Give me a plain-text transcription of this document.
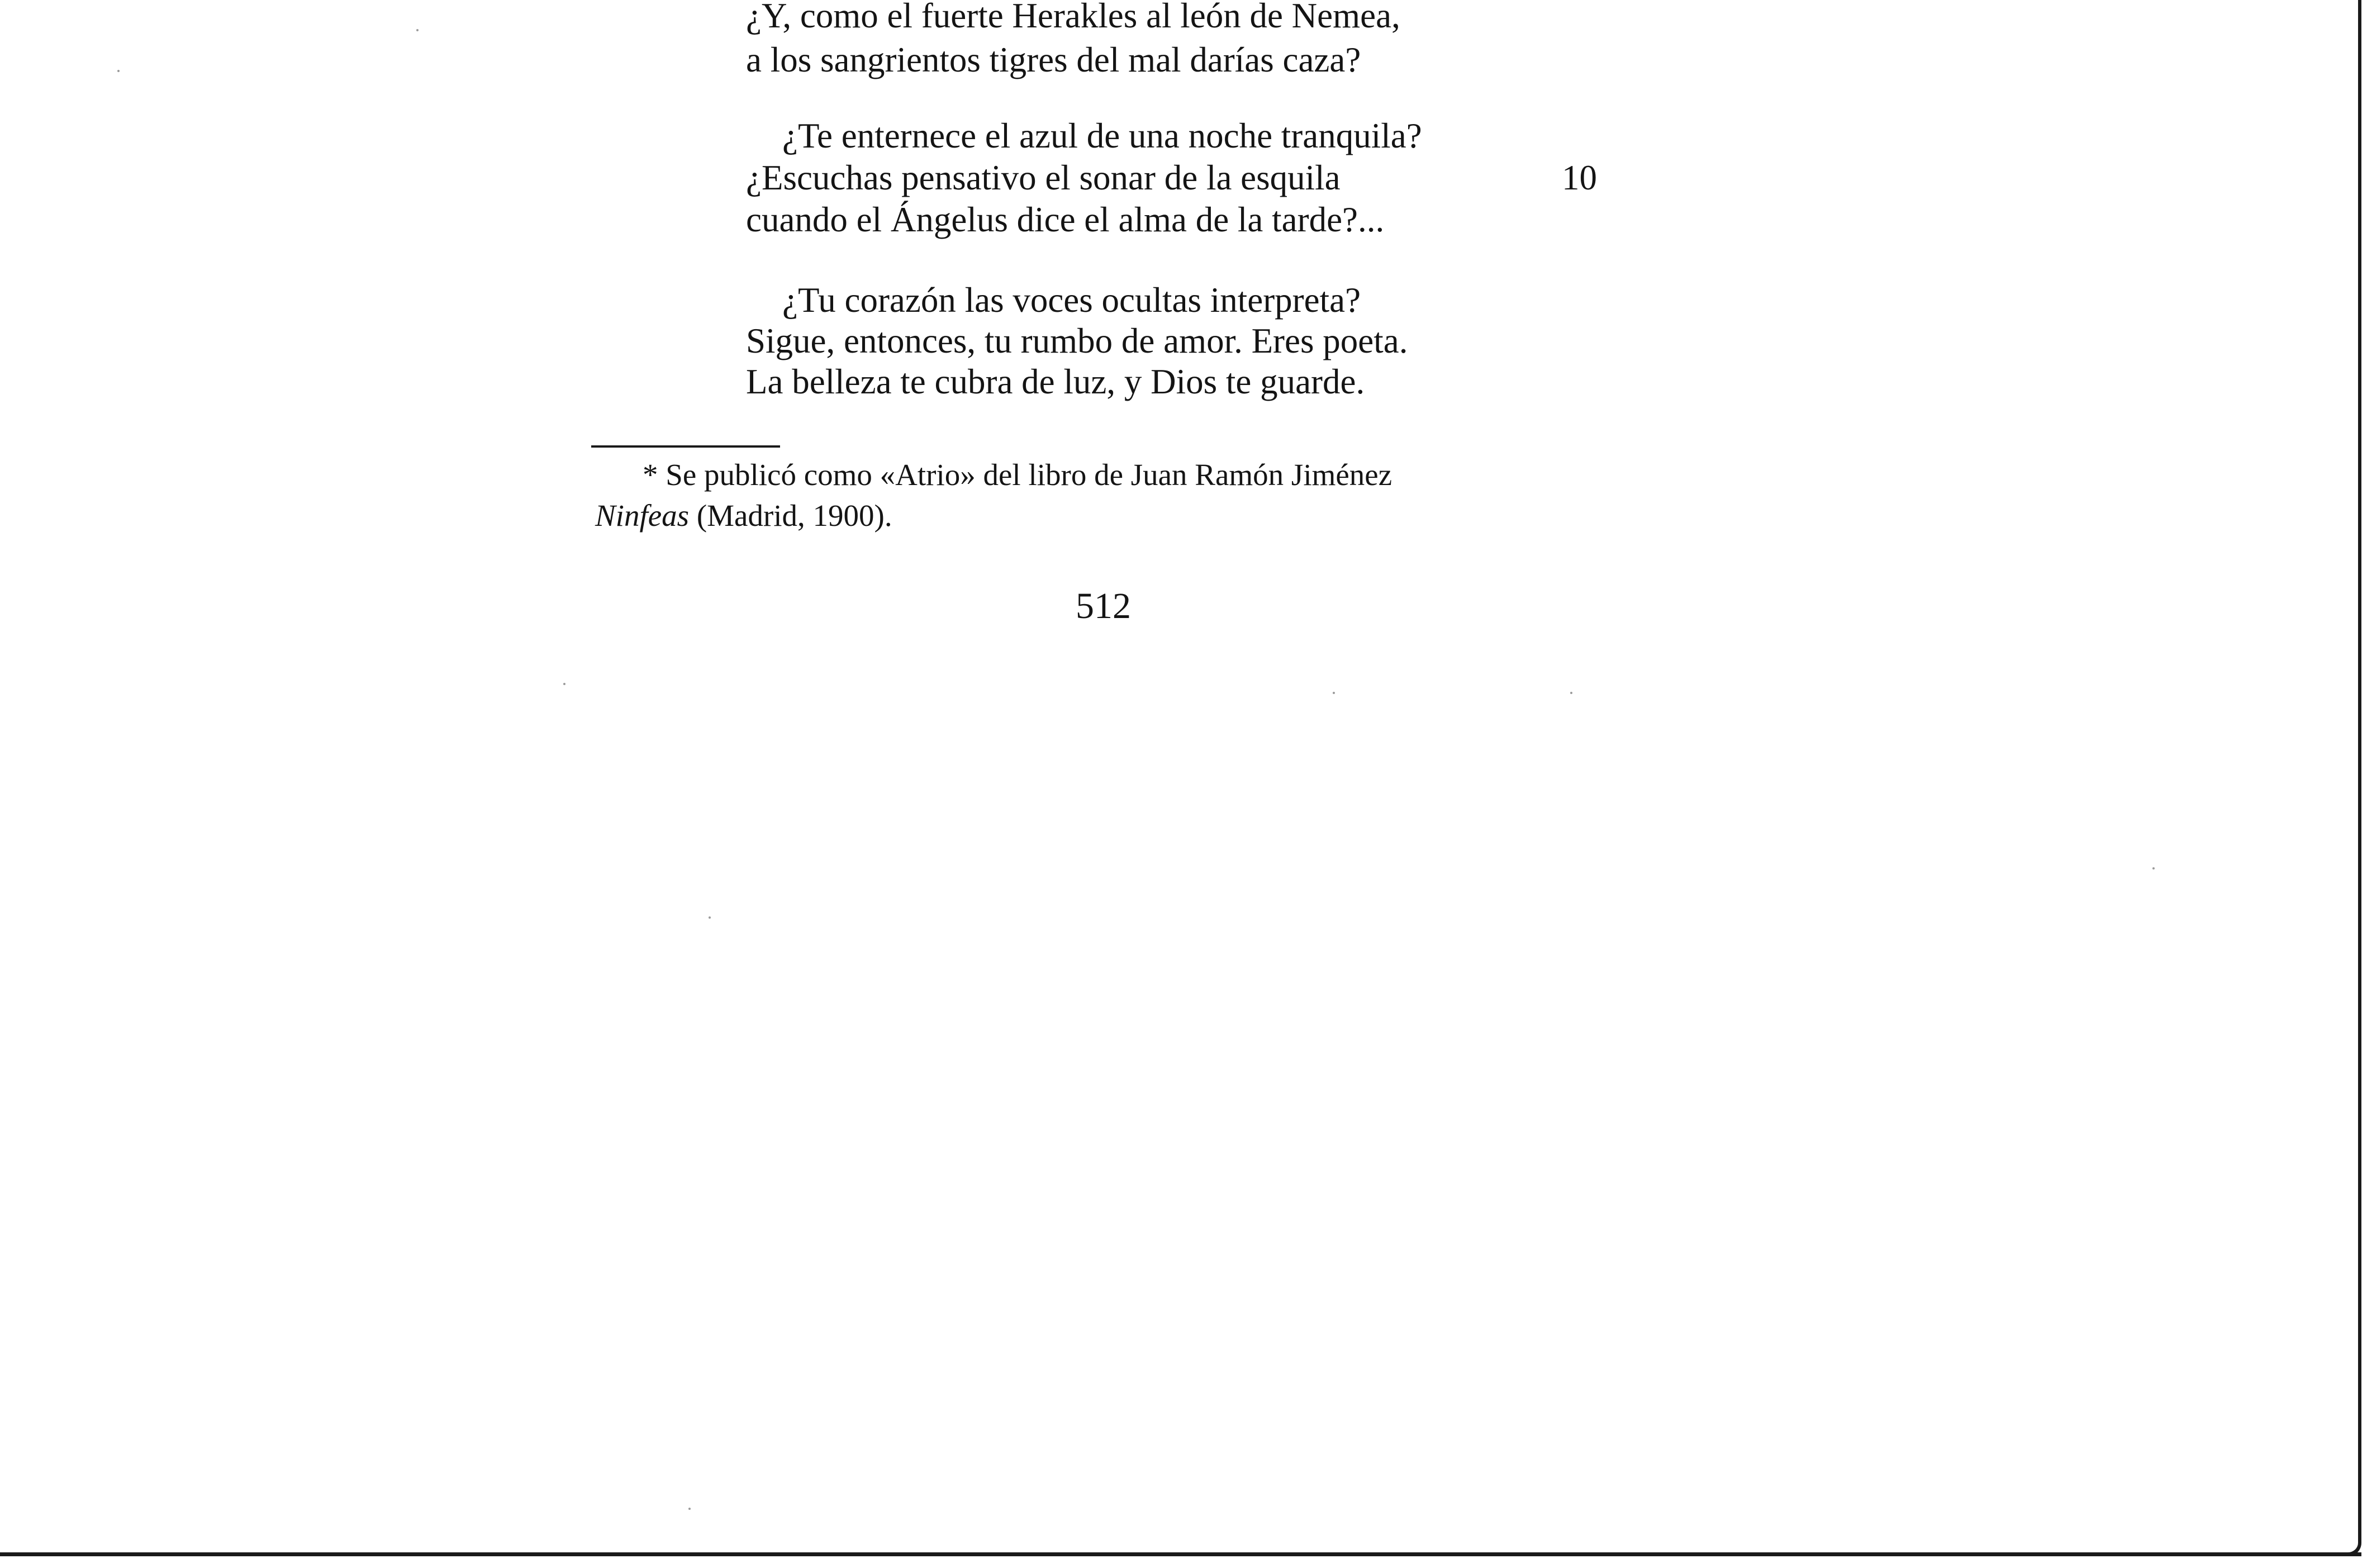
¿Y, como el fuerte Herakles al león de Nemea,

a los sangrientos tigres del mal darías caza?

¿Te enternece el azul de una noche tranquila?

¿Escuchas pensativo el sonar de la esquila	10

cuando el Ángelus dice el alma de la tarde?...

¿Tu corazón las voces ocultas interpreta?

Sigue, entonces, tu rumbo de amor. Eres poeta.

La belleza te cubra de luz, y Dios te guarde.

* Se publicó como «Atrio» del libro de Juan Ramón Jiménez

Ninfeas (Madrid, 1900).

512
